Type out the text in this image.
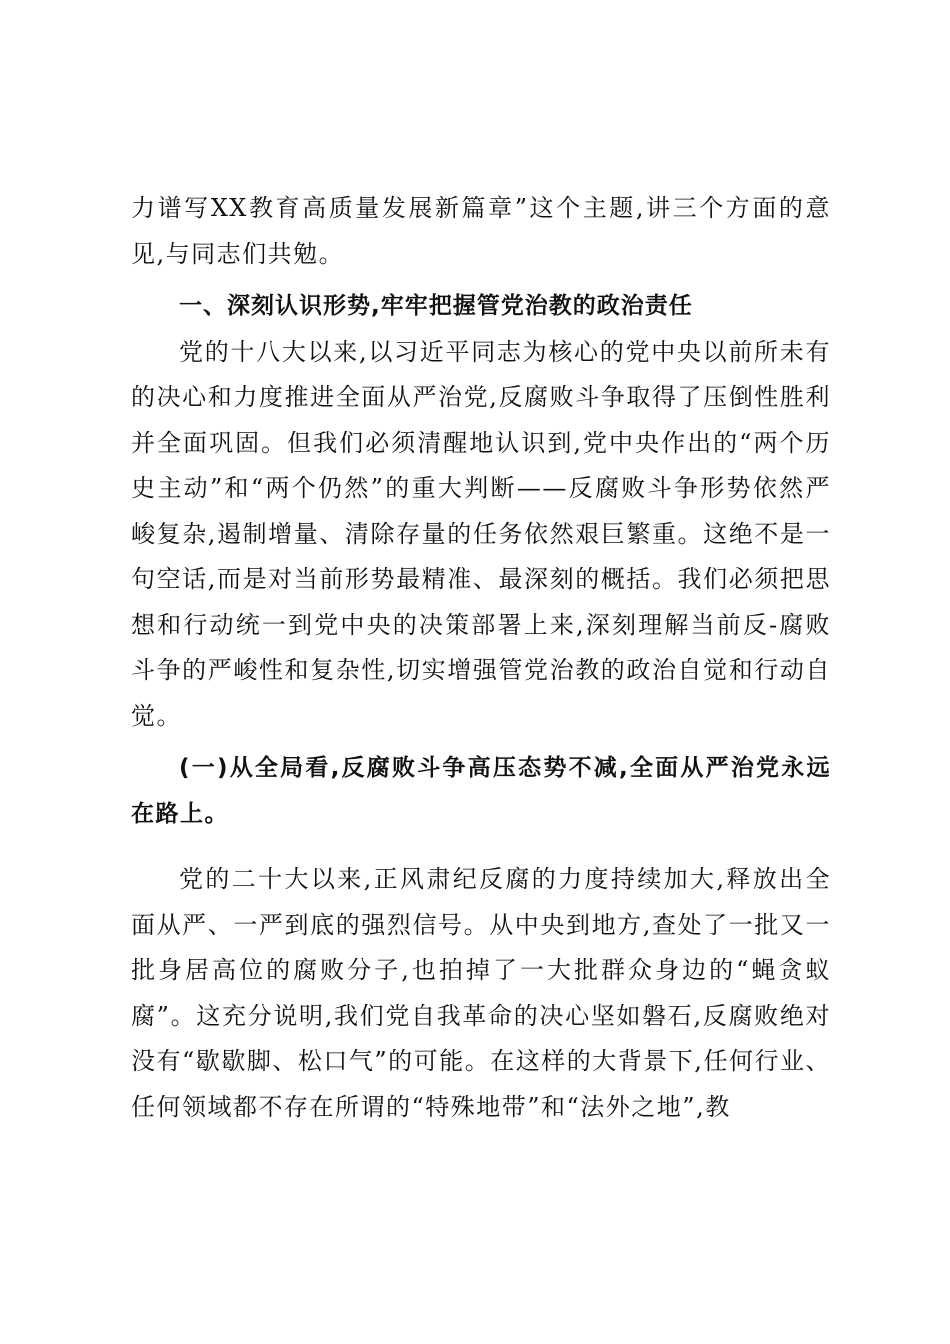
力谱写XX教育高质量发展新篇章”这个主题,讲三个方面的意见,与同志们共勉。

一、深刻认识形势,牢牢把握管党治教的政治责任

党的十八大以来,以习近平同志为核心的党中央以前所未有的决心和力度推进全面从严治党,反腐败斗争取得了压倒性胜利并全面巩固。但我们必须清醒地认识到,党中央作出的“两个历史主动”和“两个仍然”的重大判断——反腐败斗争形势依然严峻复杂,遏制增量、清除存量的任务依然艰巨繁重。这绝不是一句空话,而是对当前形势最精准、最深刻的概括。我们必须把思想和行动统一到党中央的决策部署上来,深刻理解当前反-腐败斗争的严峻性和复杂性,切实增强管党治教的政治自觉和行动自觉。

(一)从全局看,反腐败斗争高压态势不减,全面从严治党永远在路上。

党的二十大以来,正风肃纪反腐的力度持续加大,释放出全面从严、一严到底的强烈信号。从中央到地方,查处了一批又一批身居高位的腐败分子,也拍掉了一大批群众身边的“蝇贪蚁腐”。这充分说明,我们党自我革命的决心坚如磐石,反腐败绝对没有“歇歇脚、松口气”的可能。在这样的大背景下,任何行业、任何领域都不存在所谓的“特殊地带”和“法外之地”,教
